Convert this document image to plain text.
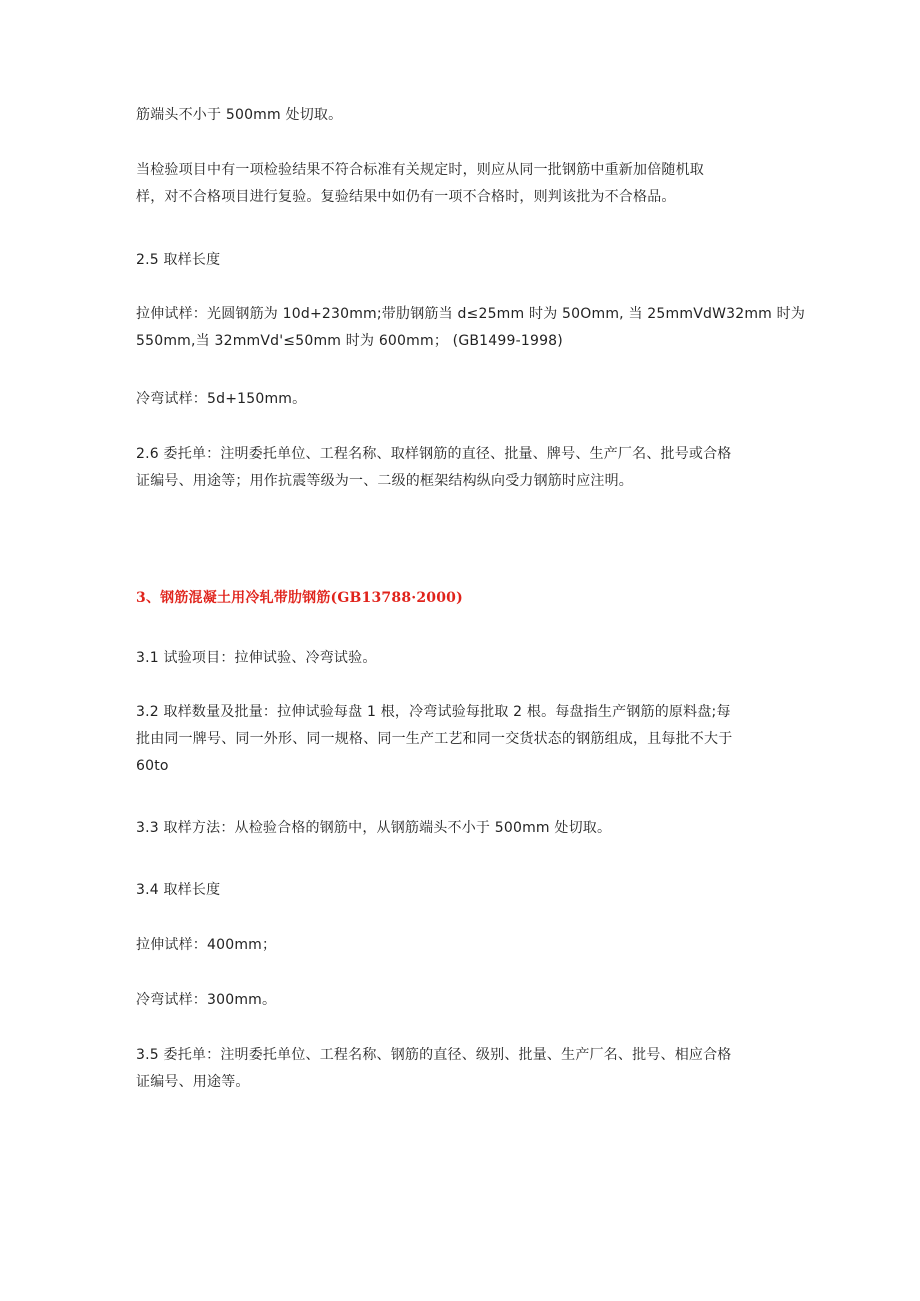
筋端头不小于 500mm 处切取。
当检验项目中有一项检验结果不符合标准有关规定时，则应从同一批钢筋中重新加倍随机取
样，对不合格项目进行复验。复验结果中如仍有一项不合格时，则判该批为不合格品。
2.5 取样长度
拉伸试样：光圆钢筋为 10d+230mm;带肋钢筋当 d≤25mm 时为 50Omm, 当 25mmVdW32mm 时为
550mm,当 32mmVd'≤50mm 时为 600mm； (GB1499-1998)
冷弯试样：5d+150mm。
2.6 委托单：注明委托单位、工程名称、取样钢筋的直径、批量、牌号、生产厂名、批号或合格
证编号、用途等；用作抗震等级为一、二级的框架结构纵向受力钢筋时应注明。
3、钢筋混凝土用冷轧带肋钢筋(GB13788·2000)
3.1 试验项目：拉伸试验、冷弯试验。
3.2 取样数量及批量：拉伸试验每盘 1 根，冷弯试验每批取 2 根。每盘指生产钢筋的原料盘;每
批由同一牌号、同一外形、同一规格、同一生产工艺和同一交货状态的钢筋组成，且每批不大于
60to
3.3 取样方法：从检验合格的钢筋中，从钢筋端头不小于 500mm 处切取。
3.4 取样长度
拉伸试样：400mm；
冷弯试样：300mm。
3.5 委托单：注明委托单位、工程名称、钢筋的直径、级别、批量、生产厂名、批号、相应合格
证编号、用途等。
